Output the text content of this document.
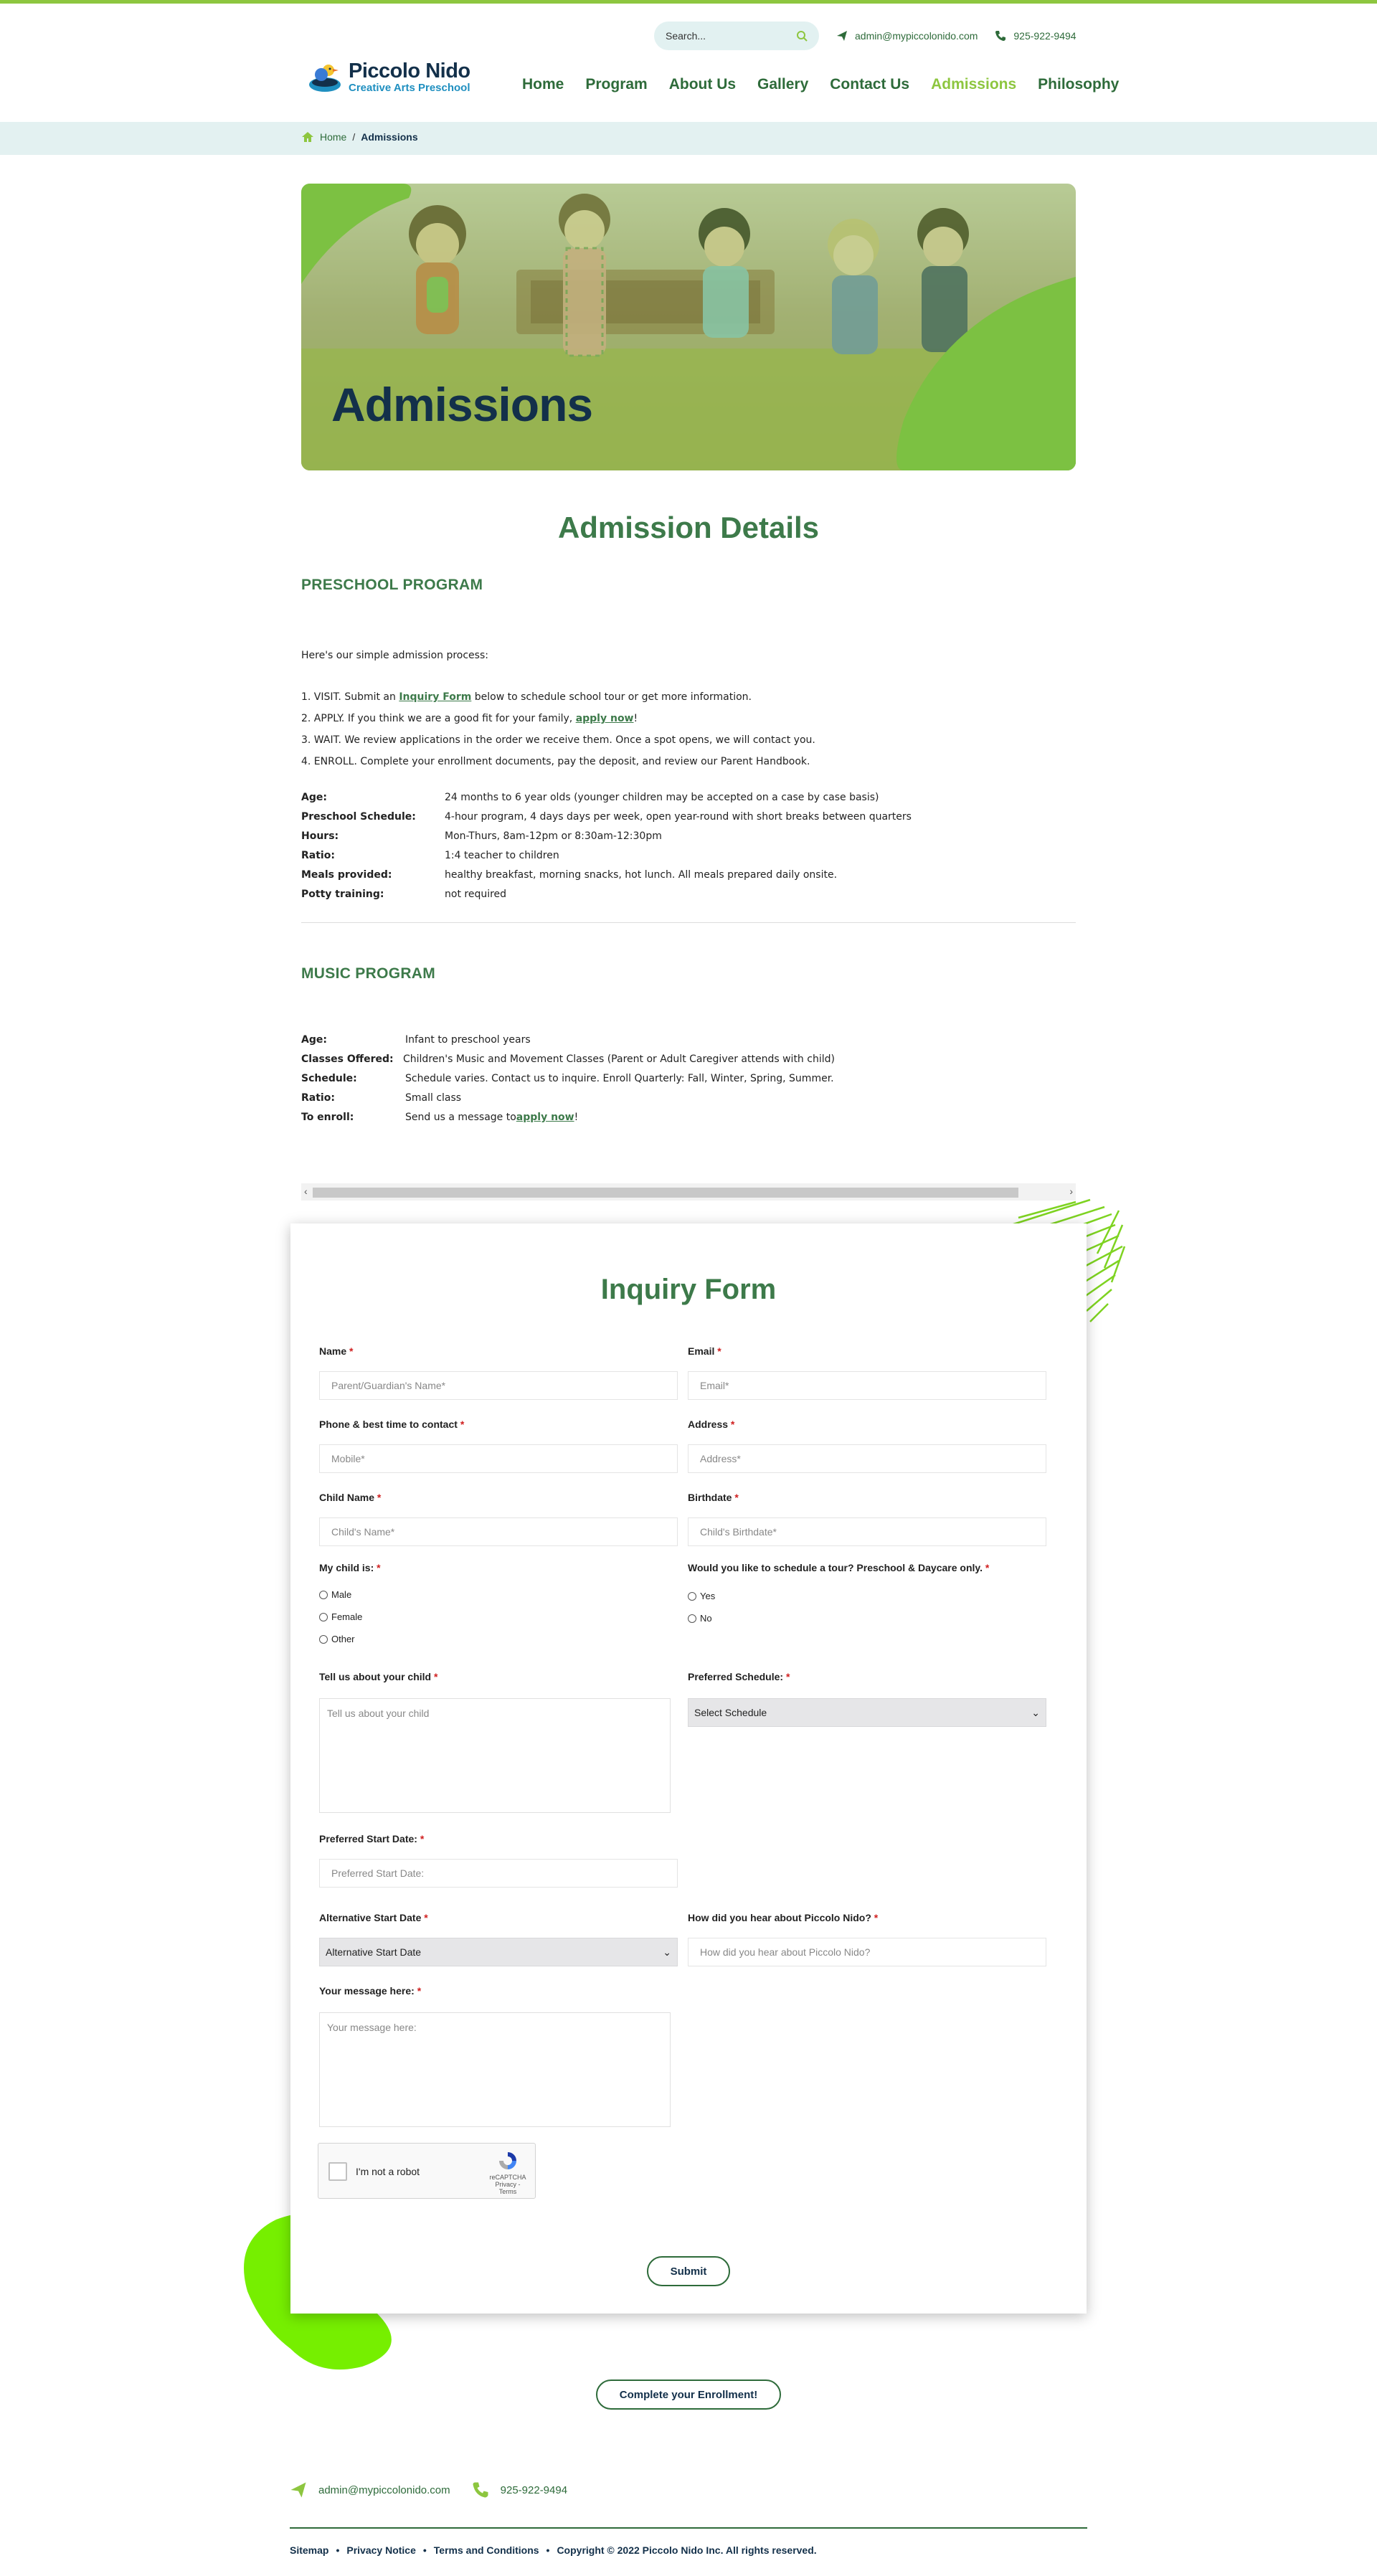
Search...	admin@mypiccolonido.com	925-922-9494
Piccolo Nido
Creative Arts Preschool	Home Program About Us Gallery Contact Us Admissions Philosophy
Home / Admissions
Admissions
Admission Details
PRESCHOOL PROGRAM
Here's our simple admission process:
1. VISIT. Submit an Inquiry Form below to schedule school tour or get more information.
2. APPLY. If you think we are a good fit for your family, apply now!
3. WAIT. We review applications in the order we receive them. Once a spot opens, we will contact you.
4. ENROLL. Complete your enrollment documents, pay the deposit, and review our Parent Handbook.
Age:	24 months to 6 year olds (younger children may be accepted on a case by case basis)
Preschool Schedule:	4-hour program, 4 days days per week, open year-round with short breaks between quarters
Hours:	Mon-Thurs, 8am-12pm or 8:30am-12:30pm
Ratio:	1:4 teacher to children
Meals provided:	healthy breakfast, morning snacks, hot lunch. All meals prepared daily onsite.
Potty training:	not required
MUSIC PROGRAM
Age:	Infant to preschool years
Classes Offered: Children's Music and Movement Classes (Parent or Adult Caregiver attends with child)
Schedule:	Schedule varies. Contact us to inquire. Enroll Quarterly: Fall, Winter, Spring, Summer.
Ratio:	Small class
To enroll:	Send us a message to apply now !
‹	›
Inquiry Form
Name *
Parent/Guardian's Name*
Email *
Email*
Phone & best time to contact *
Mobile*
Address *
Address*
Child Name *
Child's Name*
Birthdate *
Child's Birthdate*
My child is: *
Male
Female
Other
Would you like to schedule a tour? Preschool & Daycare only. *
Yes
No
Tell us about your child *
Tell us about your child
Preferred Schedule: *
Select Schedule	⌄
Preferred Start Date: *
Preferred Start Date:
Alternative Start Date *
Alternative Start Date	⌄
How did you hear about Piccolo Nido? *
How did you hear about Piccolo Nido?
Your message here: *
Your message here:
I'm not a robot	reCAPTCHA
Privacy - Terms
Submit
Complete your Enrollment!
admin@mypiccolonido.com	925-922-9494
Sitemap • Privacy Notice • Terms and Conditions • Copyright © 2022 Piccolo Nido Inc. All rights reserved.
